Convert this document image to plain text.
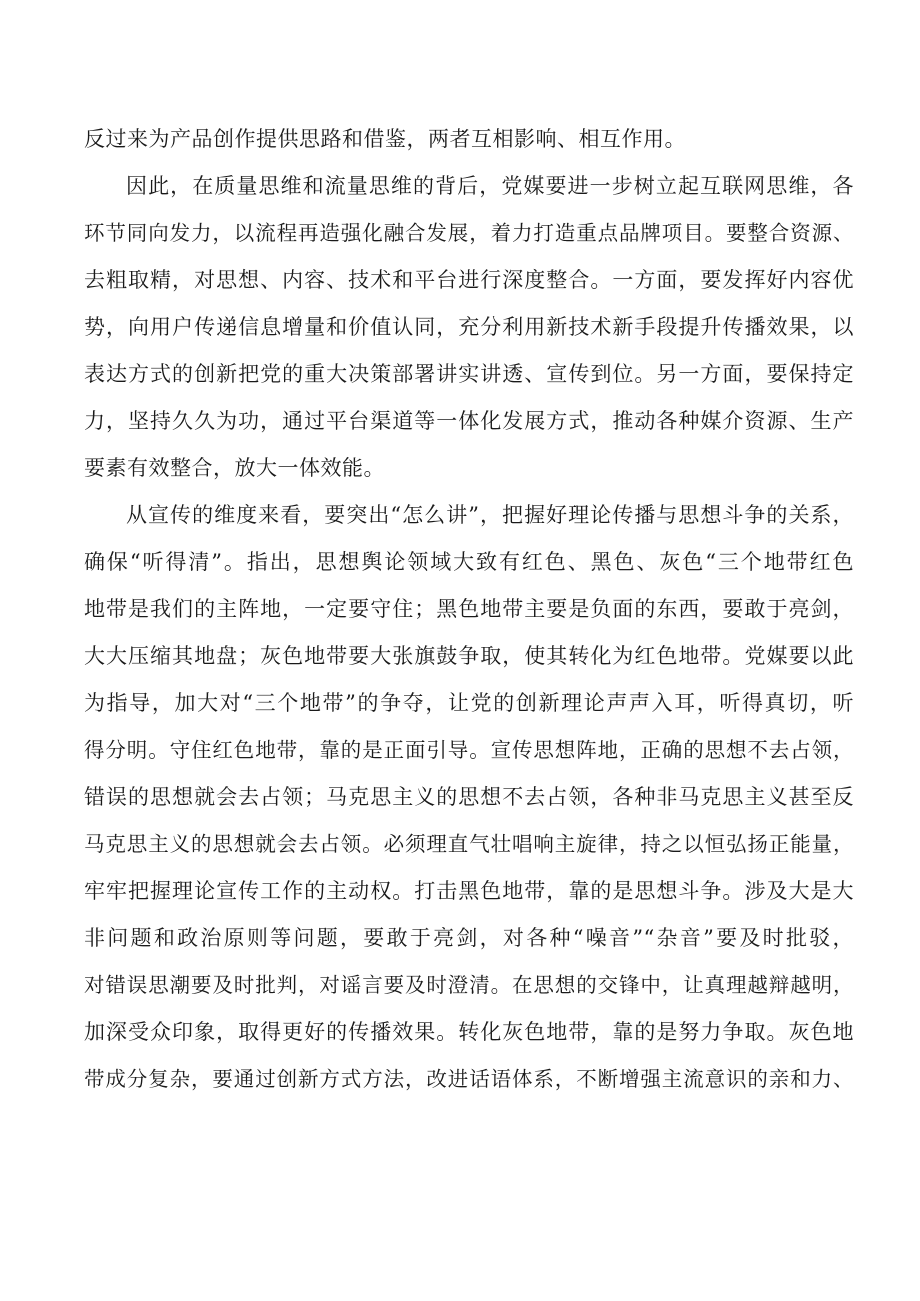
反过来为产品创作提供思路和借鉴，两者互相影响、相互作用。
因此，在质量思维和流量思维的背后，党媒要进一步树立起互联网思维，各
环节同向发力，以流程再造强化融合发展，着力打造重点品牌项目。要整合资源、
去粗取精，对思想、内容、技术和平台进行深度整合。一方面，要发挥好内容优
势，向用户传递信息增量和价值认同，充分利用新技术新手段提升传播效果，以
表达方式的创新把党的重大决策部署讲实讲透、宣传到位。另一方面，要保持定
力，坚持久久为功，通过平台渠道等一体化发展方式，推动各种媒介资源、生产
要素有效整合，放大一体效能。
从宣传的维度来看，要突出“怎么讲”，把握好理论传播与思想斗争的关系，
确保“听得清”。指出，思想舆论领域大致有红色、黑色、灰色“三个地带红色
地带是我们的主阵地，一定要守住；黑色地带主要是负面的东西，要敢于亮剑，
大大压缩其地盘；灰色地带要大张旗鼓争取，使其转化为红色地带。党媒要以此
为指导，加大对“三个地带”的争夺，让党的创新理论声声入耳，听得真切，听
得分明。守住红色地带，靠的是正面引导。宣传思想阵地，正确的思想不去占领，
错误的思想就会去占领；马克思主义的思想不去占领，各种非马克思主义甚至反
马克思主义的思想就会去占领。必须理直气壮唱响主旋律，持之以恒弘扬正能量，
牢牢把握理论宣传工作的主动权。打击黑色地带，靠的是思想斗争。涉及大是大
非问题和政治原则等问题，要敢于亮剑，对各种“噪音”“杂音”要及时批驳，
对错误思潮要及时批判，对谣言要及时澄清。在思想的交锋中，让真理越辩越明，
加深受众印象，取得更好的传播效果。转化灰色地带，靠的是努力争取。灰色地
带成分复杂，要通过创新方式方法，改进话语体系，不断增强主流意识的亲和力、
